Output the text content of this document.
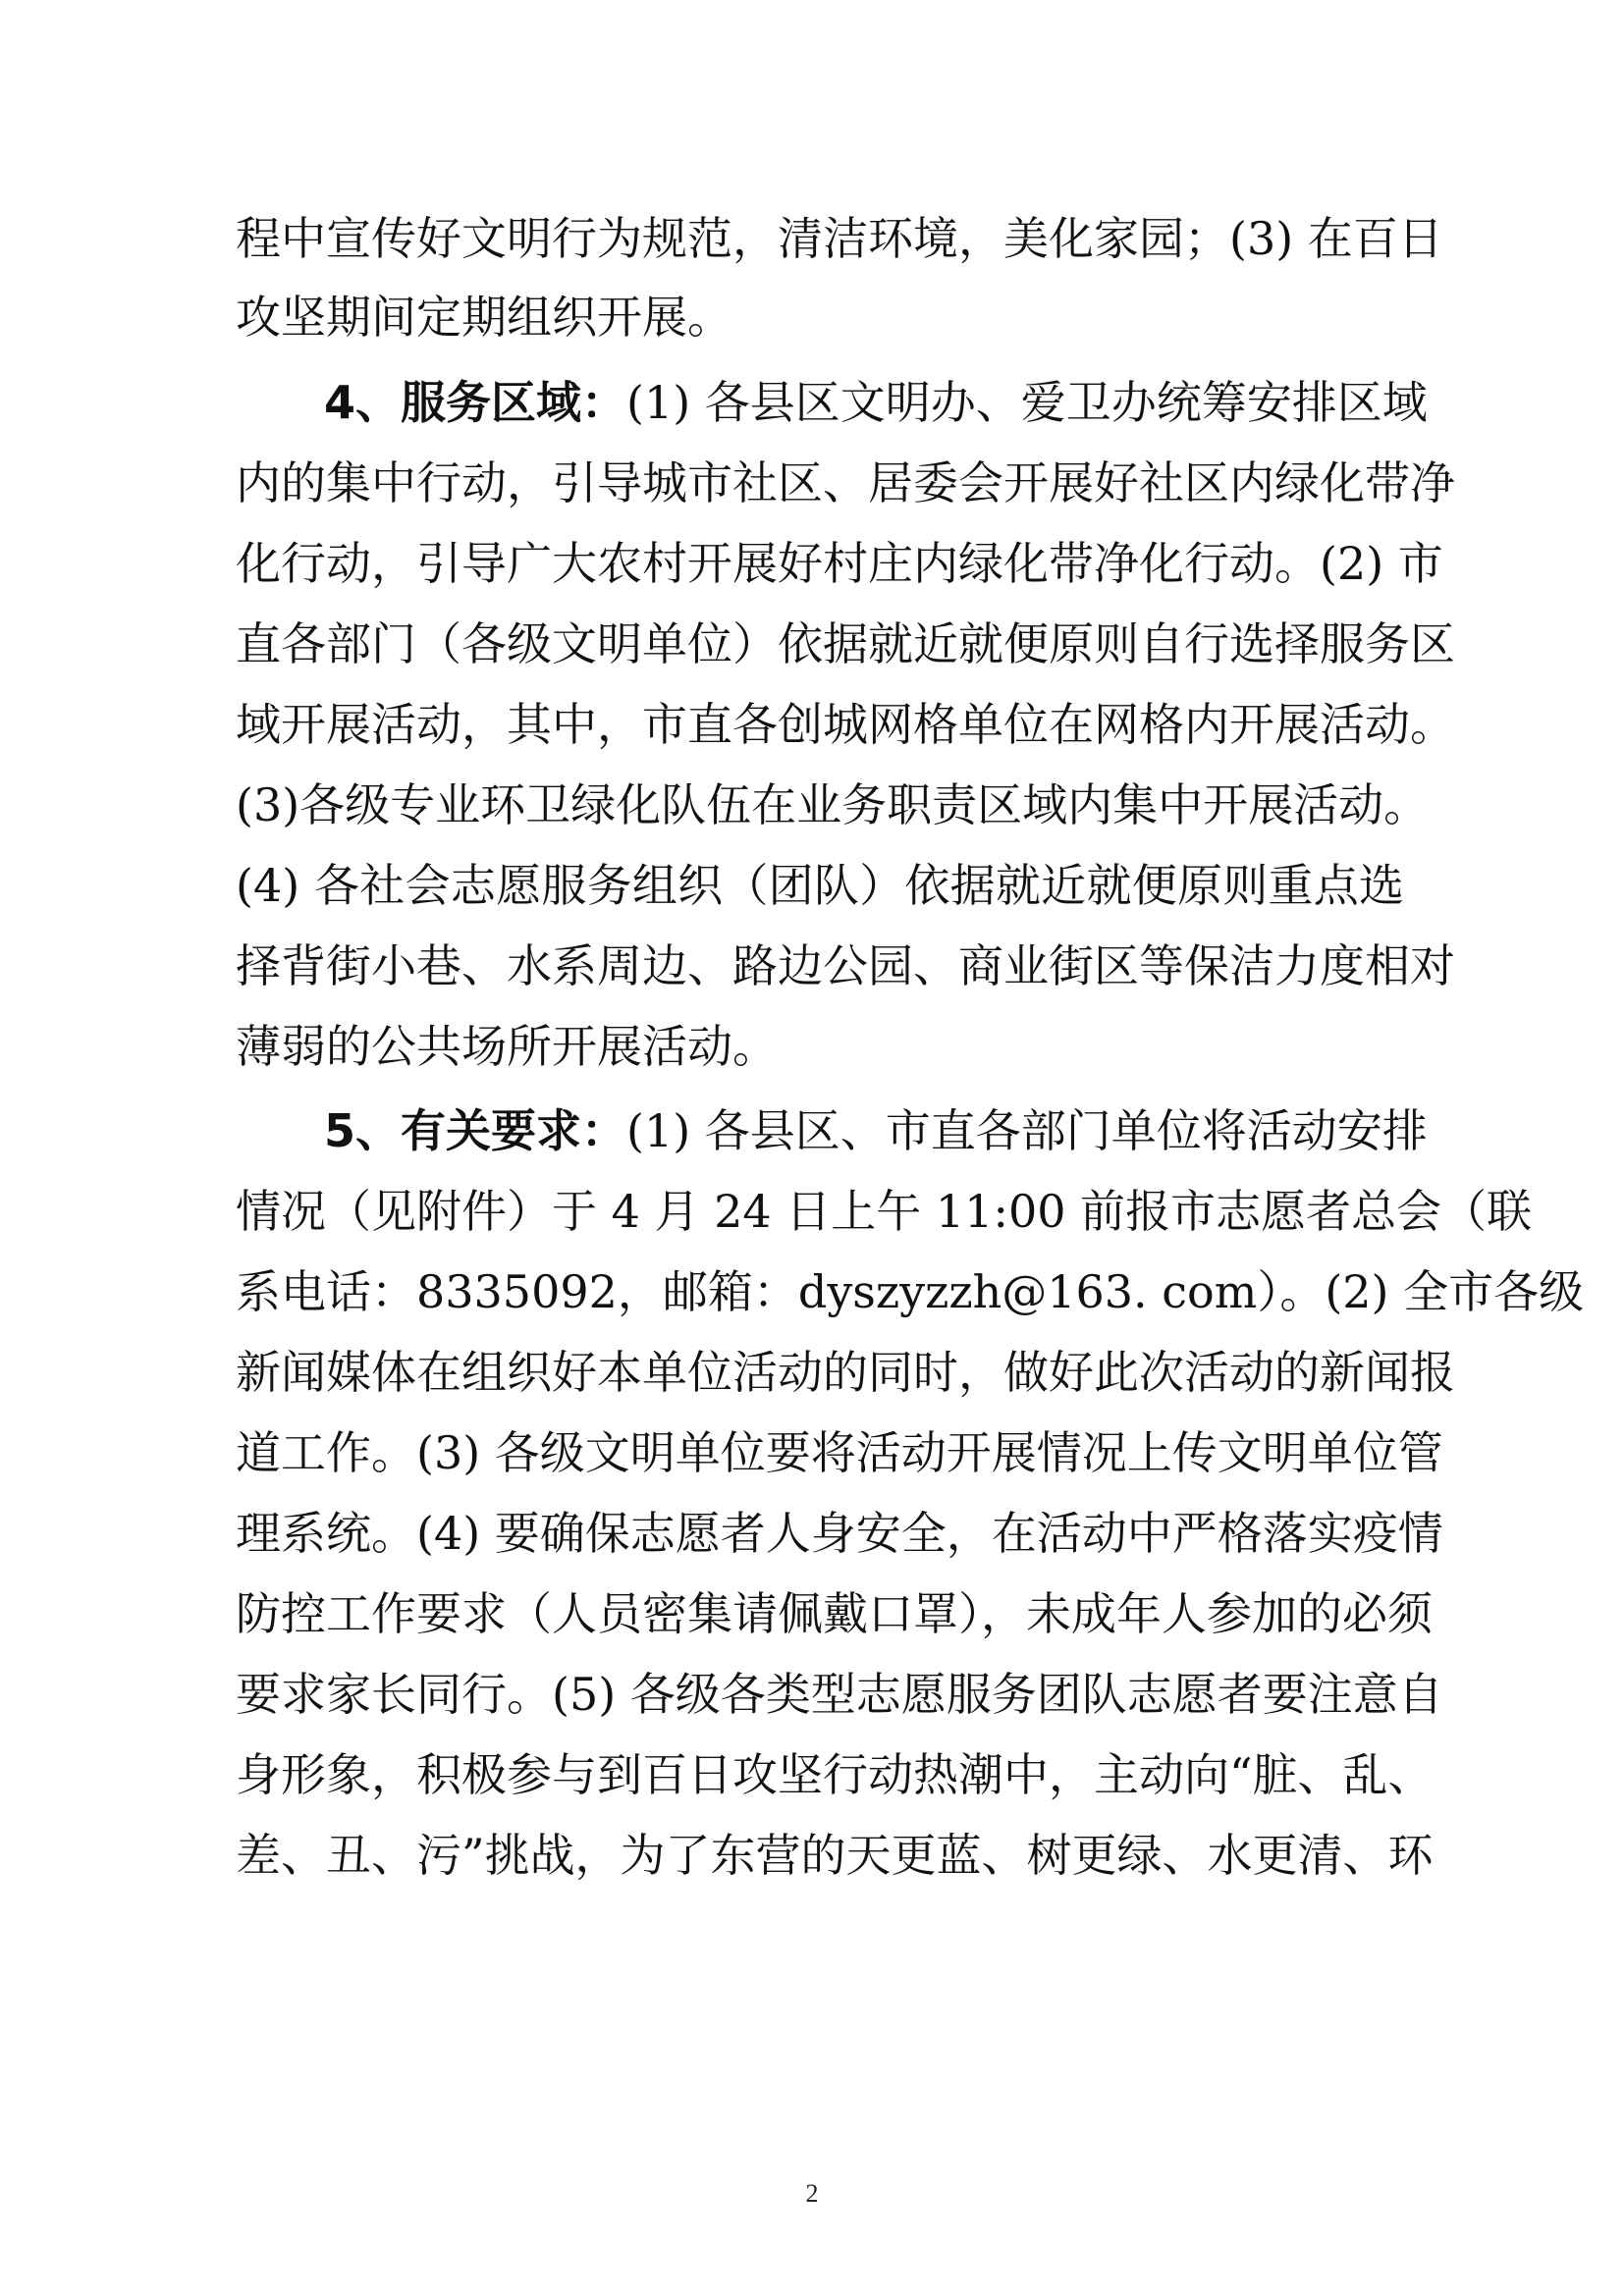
程中宣传好文明行为规范，清洁环境，美化家园；(3) 在百日
攻坚期间定期组织开展。
4、服务区域：(1) 各县区文明办、爱卫办统筹安排区域
内的集中行动，引导城市社区、居委会开展好社区内绿化带净
化行动，引导广大农村开展好村庄内绿化带净化行动。(2) 市
直各部门（各级文明单位）依据就近就便原则自行选择服务区
域开展活动，其中，市直各创城网格单位在网格内开展活动。
(3)各级专业环卫绿化队伍在业务职责区域内集中开展活动。
(4) 各社会志愿服务组织（团队）依据就近就便原则重点选
择背街小巷、水系周边、路边公园、商业街区等保洁力度相对
薄弱的公共场所开展活动。
5、有关要求：(1) 各县区、市直各部门单位将活动安排
情况（见附件）于 4 月 24 日上午 11:00 前报市志愿者总会（联
系电话：8335092，邮箱：dyszyzzh@163. com）。(2) 全市各级
新闻媒体在组织好本单位活动的同时，做好此次活动的新闻报
道工作。(3) 各级文明单位要将活动开展情况上传文明单位管
理系统。(4) 要确保志愿者人身安全，在活动中严格落实疫情
防控工作要求（人员密集请佩戴口罩），未成年人参加的必须
要求家长同行。(5) 各级各类型志愿服务团队志愿者要注意自
身形象，积极参与到百日攻坚行动热潮中，主动向“脏、乱、
差、丑、污”挑战，为了东营的天更蓝、树更绿、水更清、环
2
